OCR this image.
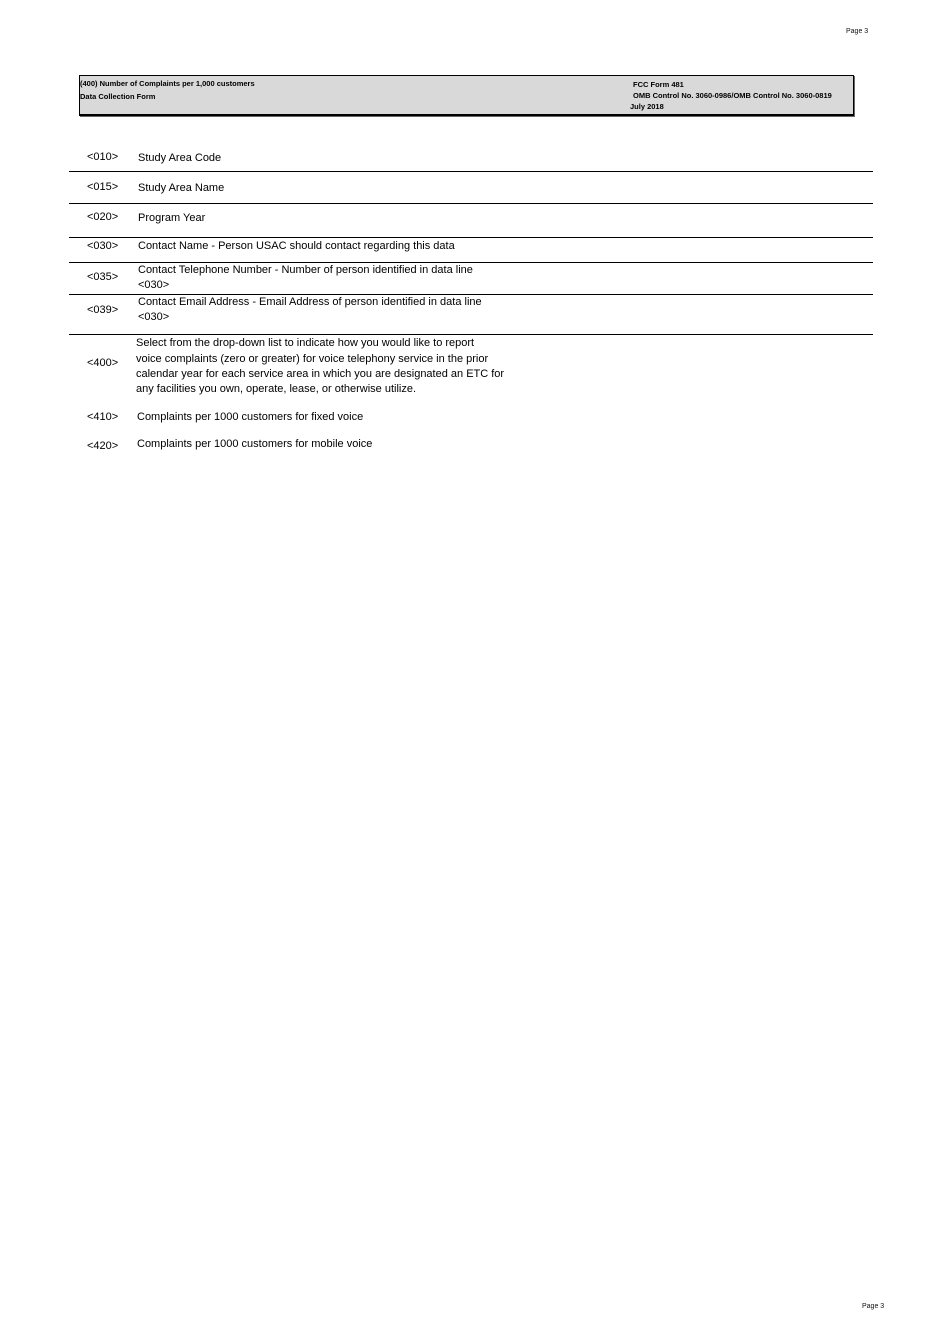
Page 3
(400) Number of Complaints per 1,000 customers
Data Collection Form
FCC Form 481
OMB Control No. 3060-0986/OMB Control No. 3060-0819
July 2018
<010> Study Area Code
<015> Study Area Name
<020> Program Year
<030> Contact Name - Person USAC should contact regarding this data
<035>
Contact Telephone Number - Number of person identified in data line
<030>
<039>
Contact Email Address - Email Address of person identified in data line
<030>
<400>
Select from the drop-down list to indicate how you would like to report
voice complaints (zero or greater) for voice telephony service in the prior
calendar year for each service area in which you are designated an ETC for
any facilities you own, operate, lease, or otherwise utilize.
<410> Complaints per 1000 customers for fixed voice
<420> Complaints per 1000 customers for mobile voice
Page 3
